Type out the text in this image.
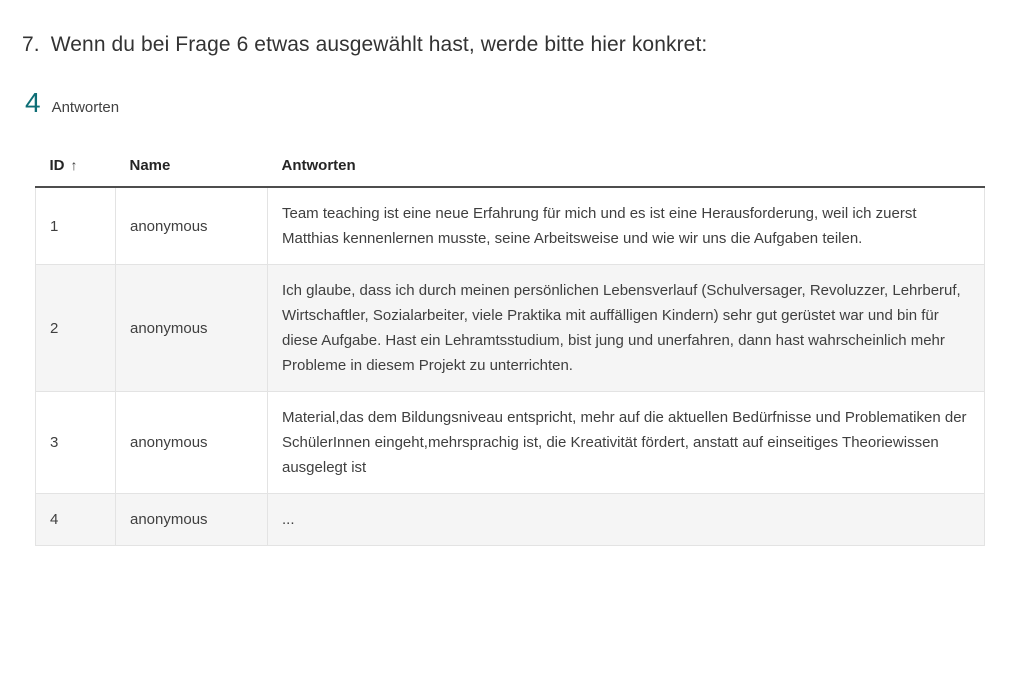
7. Wenn du bei Frage 6 etwas ausgewählt hast, werde bitte hier konkret:
4 Antworten
ID ↑	Name	Antworten
1	anonymous	Team teaching ist eine neue Erfahrung für mich und es ist eine Herausforderung, weil ich zuerst Matthias kennenlernen musste, seine Arbeitsweise und wie wir uns die Aufgaben teilen.
2	anonymous	Ich glaube, dass ich durch meinen persönlichen Lebensverlauf (Schulversager, Revoluzzer, Lehrberuf, Wirtschaftler, Sozialarbeiter, viele Praktika mit auffälligen Kindern) sehr gut gerüstet war und bin für diese Aufgabe. Hast ein Lehramtsstudium, bist jung und unerfahren, dann hast wahrscheinlich mehr Probleme in diesem Projekt zu unterrichten.
3	anonymous	Material,das dem Bildungsniveau entspricht, mehr auf die aktuellen Bedürfnisse und Problematiken der SchülerInnen eingeht,mehrsprachig ist, die Kreativität fördert, anstatt auf einseitiges Theoriewissen ausgelegt ist
4	anonymous	...
